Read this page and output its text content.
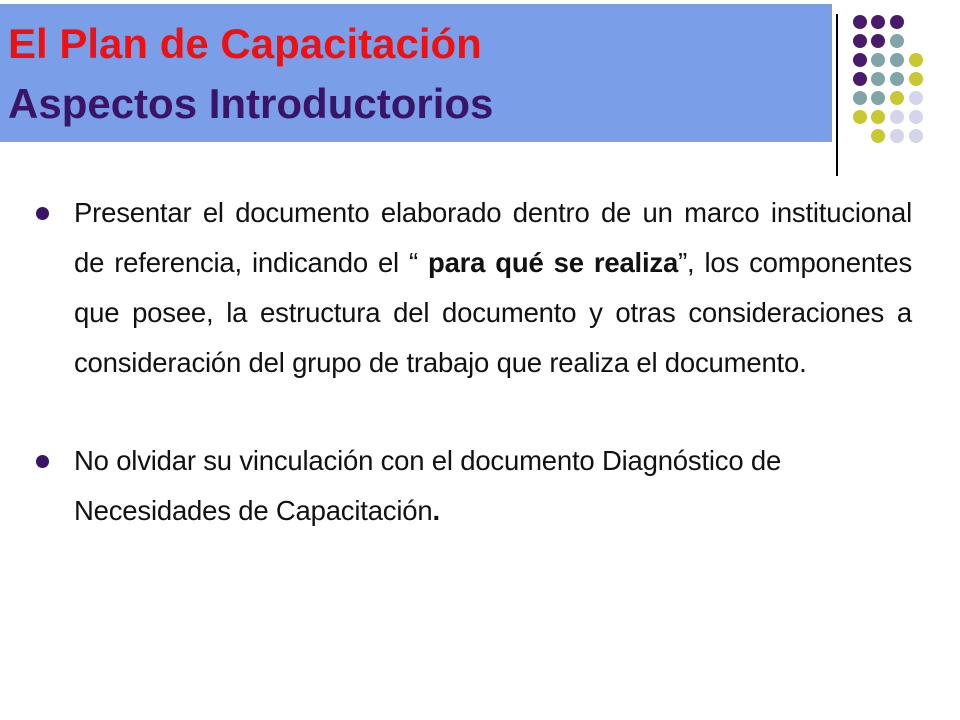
El Plan de Capacitación
Aspectos Introductorios
Presentar el documento elaborado dentro de un marco institucional de referencia, indicando el “ para qué se realiza”, los componentes que posee, la estructura del documento y otras consideraciones a consideración del grupo de trabajo que realiza el documento.
No olvidar su vinculación con el documento Diagnóstico de Necesidades de Capacitación.
